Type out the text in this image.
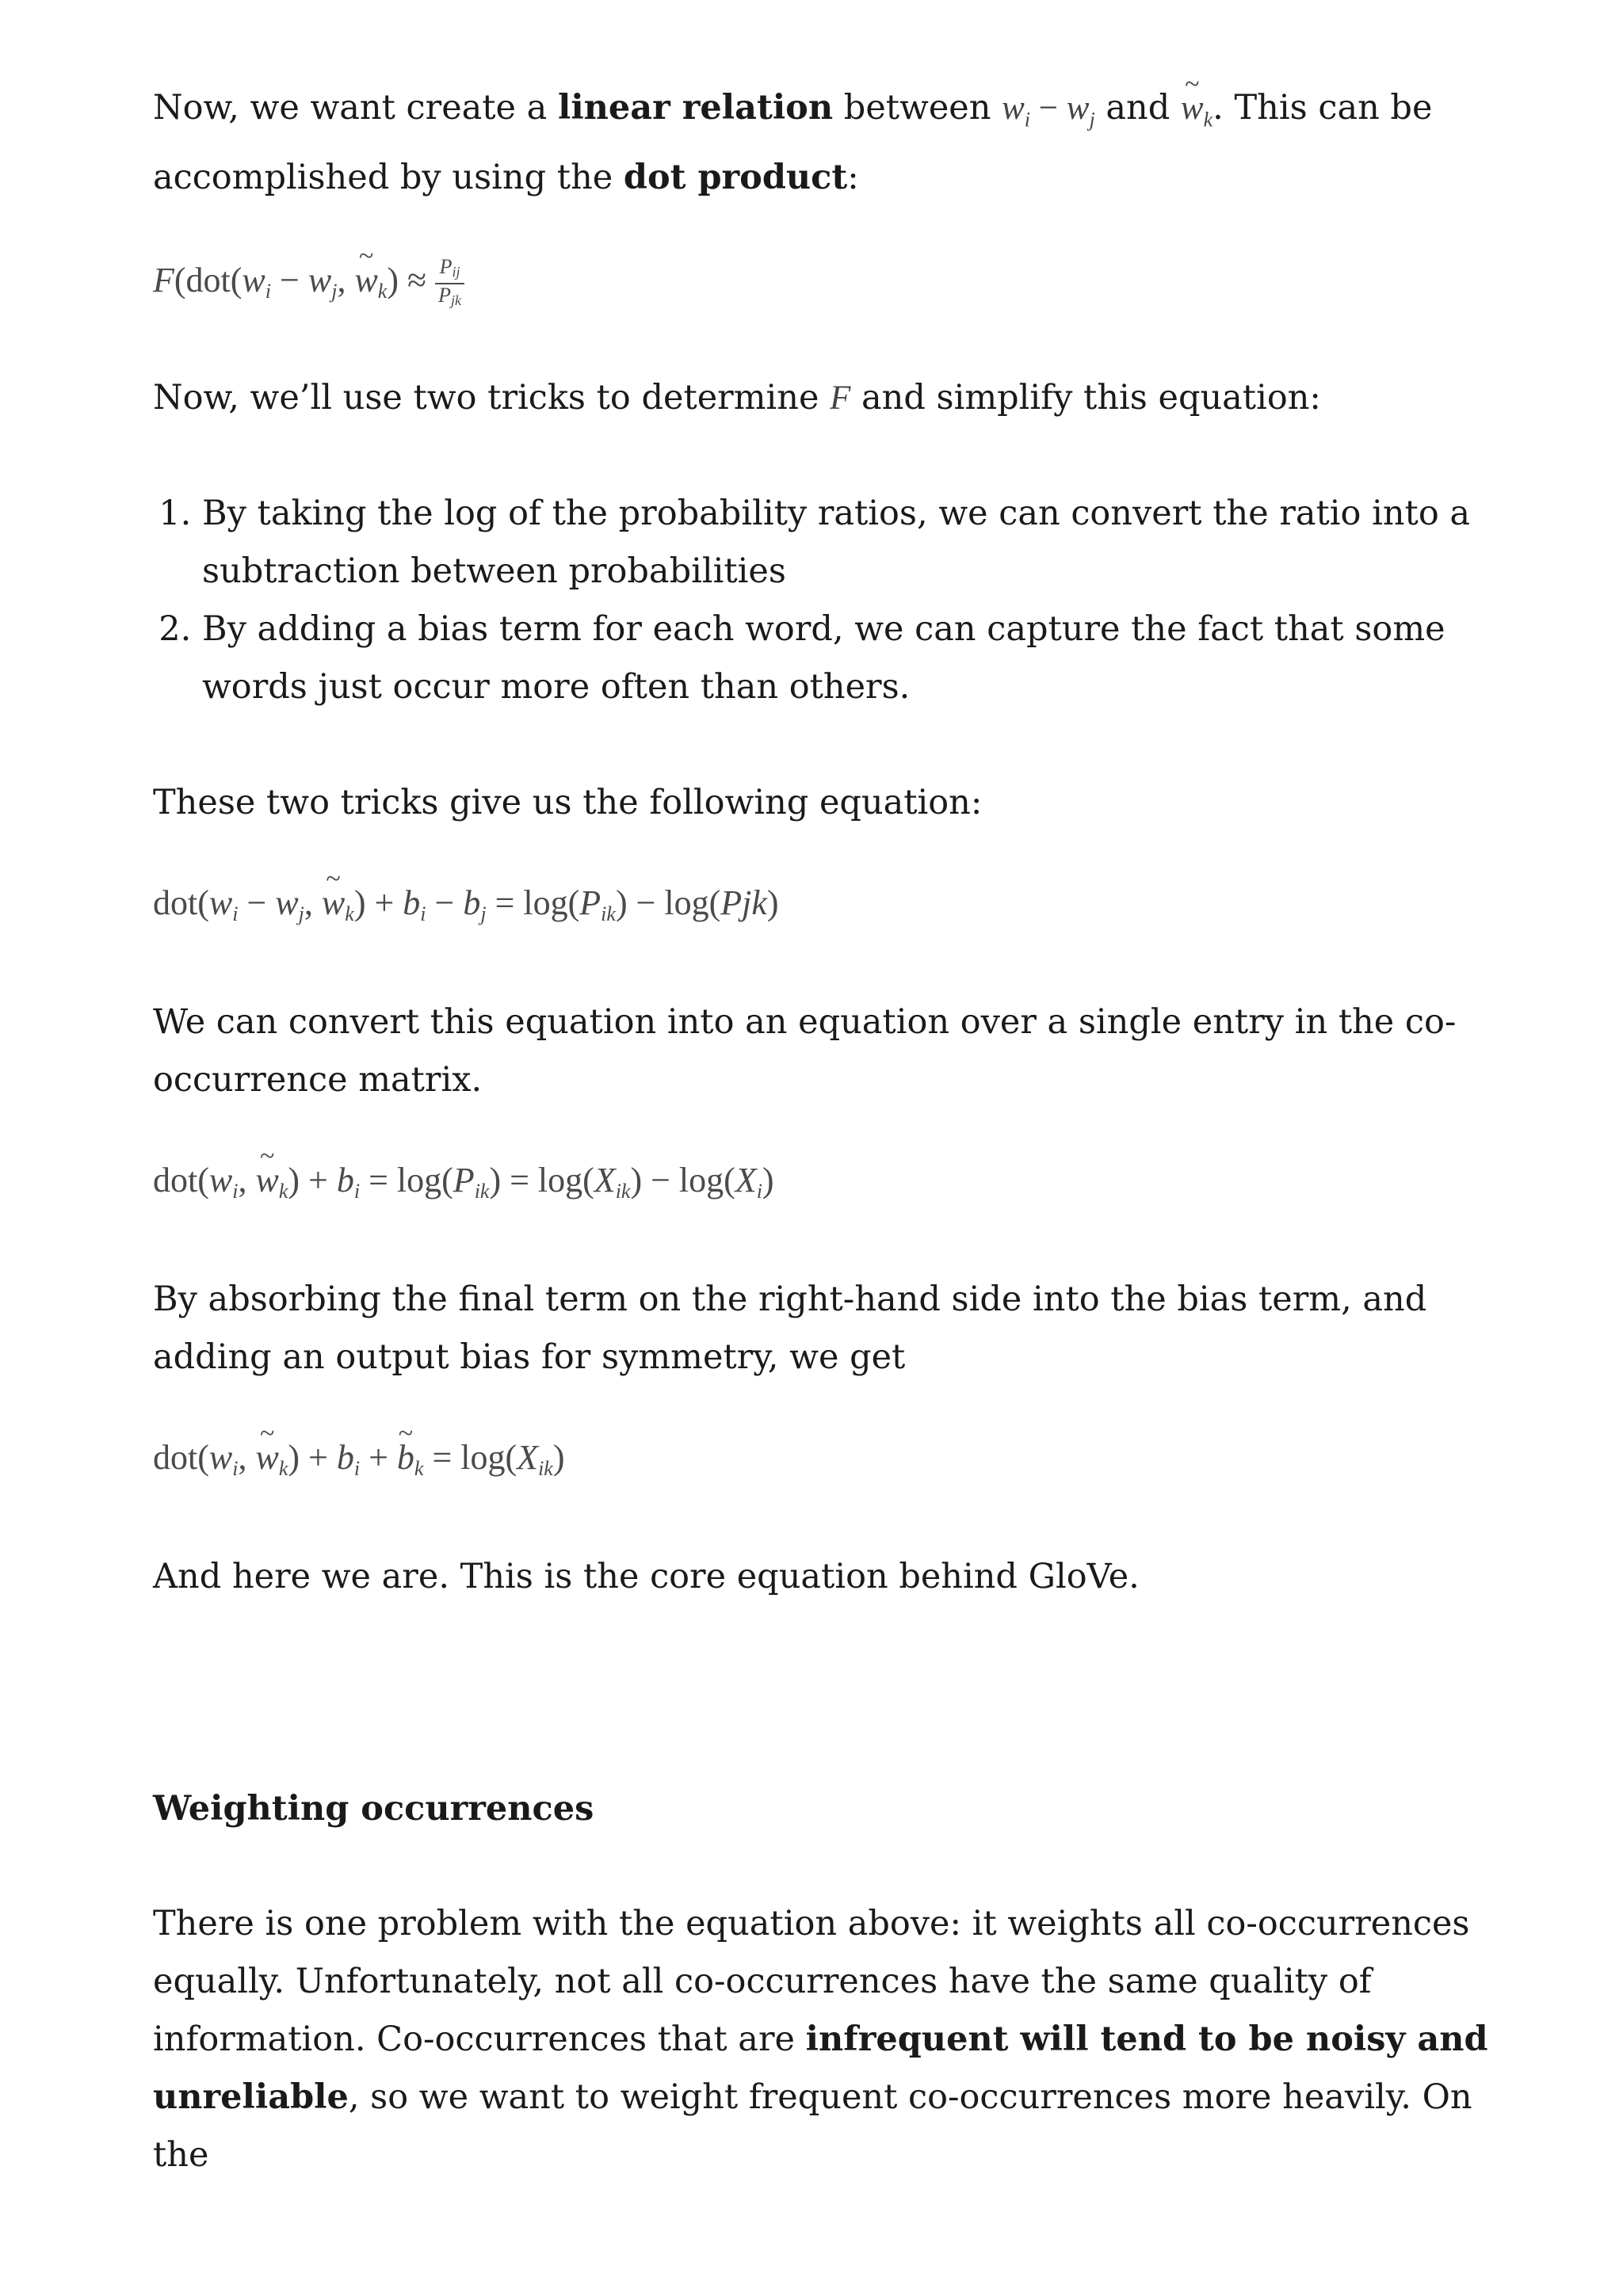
Now, we want create a linear relation between $w_i - w_j$ and ~ $w_k$. This can be accomplished by using the dot product:

$F(dot(w_i - w_j$, ~ $w_k) \approx \frac{P_{ij}}{P_{jk}}$

Now, we’ll use two tricks to determine F and simplify this equation:

1. By taking the log of the probability ratios, we can convert the ratio into a subtraction between probabilities
2. By adding a bias term for each word, we can capture the fact that some words just occur more often than others.

These two tricks give us the following equation:

$dot(w_i - w_j$, ~ $w_k) + b_i - b_j = \log(P_{ik}) - \log(Pjk)$

We can convert this equation into an equation over a single entry in the co-occurrence matrix.

$dot(w_i$, ~ $w_k) + b_i = \log(P_{ik}) = \log(X_{ik}) - \log(X_i)$

By absorbing the final term on the right-hand side into the bias term, and adding an output bias for symmetry, we get

$dot(w_i$, ~ $w_k) + b_i$ + ~ $b_k = \log(X_{ik})$

And here we are. This is the core equation behind GloVe.

Weighting occurrences

There is one problem with the equation above: it weights all co-occurrences equally. Unfortunately, not all co-occurrences have the same quality of information. Co-occurrences that are infrequent will tend to be noisy and unreliable, so we want to weight frequent co-occurrences more heavily. On the
